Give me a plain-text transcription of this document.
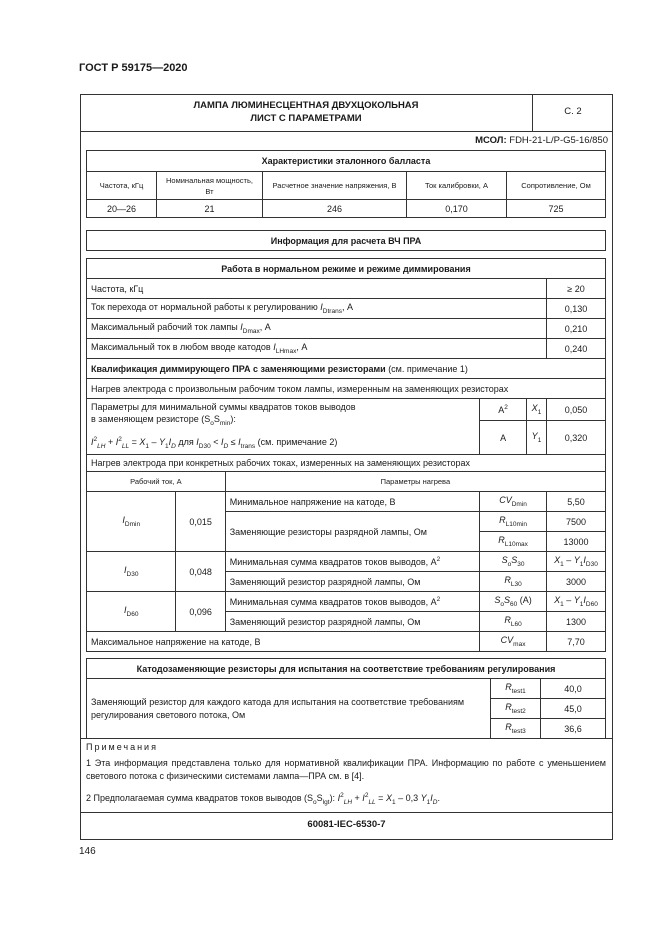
ГОСТ Р 59175—2020
ЛАМПА ЛЮМИНЕСЦЕНТНАЯ ДВУХЦОКОЛЬНАЯ
ЛИСТ С ПАРАМЕТРАМИ
С. 2
МСОЛ: FDH-21-L/P-G5-16/850
Характеристики эталонного балласта				
Частота, кГц	Номинальная мощность, Вт	Расчетное значение напряжения, В	Ток калибровки, А	Сопротивление, Ом
20—26	21	246	0,170	725
Информация для расчета ВЧ ПРА
Работа в нормальном режиме и режиме диммирования					
Частота, кГц					≥ 20
Ток перехода от нормальной работы к регулированию $I_{Dtrans}$, А					0,130
Максимальный рабочий ток лампы $I_{Dmax}$, А					0,210
Максимальный ток в любом вводе катодов $I_{LHmax}$, А					0,240
Квалификация диммирующего ПРА с заменяющими резисторами (см. примечание 1)					
Нагрев электрода с произвольным рабочим током лампы, измеренным на заменяющих резисторах					

Параметры для минимальной суммы квадратов токов выводов
в заменяющем резисторе $(S_oS_{min})$:
$I^2_{LH} + I^2_{LL} = X_1 - Y_1I_D$ для $I_{D30} < I_D \le I_{trans}$ (см. примечание 2)			$A^2$	$X_1$	0,050
			A	$Y_1$	0,320
Нагрев электрода при конкретных рабочих токах, измеренных на заменяющих резисторах					
Рабочий ток, А		Параметры нагрева			
$I_{Dmin}$	0,015	Минимальное напряжение на катоде, В	$CV_{Dmin}$		5,50
		Заменяющие резисторы разрядной лампы, Ом	$R_{L10min}$		7500
			$R_{L10max}$		13000
$I_{D30}$	0,048	Минимальная сумма квадратов токов выводов, $А^2$	$S_oS_{30}$		$X_1 - Y_1I_{D30}$
		Заменяющий резистор разрядной лампы, Ом	$R_{L30}$		3000
$I_{D60}$	0,096	Минимальная сумма квадратов токов выводов, $А^2$	$S_oS_{60}$ (А)		$X_1 - Y_1I_{D60}$
		Заменяющий резистор разрядной лампы, Ом	$R_{L60}$		1300
Максимальное напряжение на катоде, В			$CV_{max}$		7,70
Катодозаменяющие резисторы для испытания на соответствие требованиям регулирования		
Заменяющий резистор для каждого катода для испытания на соответствие требованиям регулирования светового потока, Ом	$R_{test1}$	40,0
	$R_{test2}$	45,0
	$R_{test3}$	36,6
Примечания
1 Эта информация представлена только для нормативной квалификации ПРА. Информацию по работе с уменьшением светового потока с физическими системами лампа—ПРА см. в [4].
2 Предполагаемая сумма квадратов токов выводов $(S_oS_{lgt})$: $I^2_{LH} + I^2_{LL} = X_1 - 0,3$ $Y_1I_D$.
60081-IEC-6530-7
146
